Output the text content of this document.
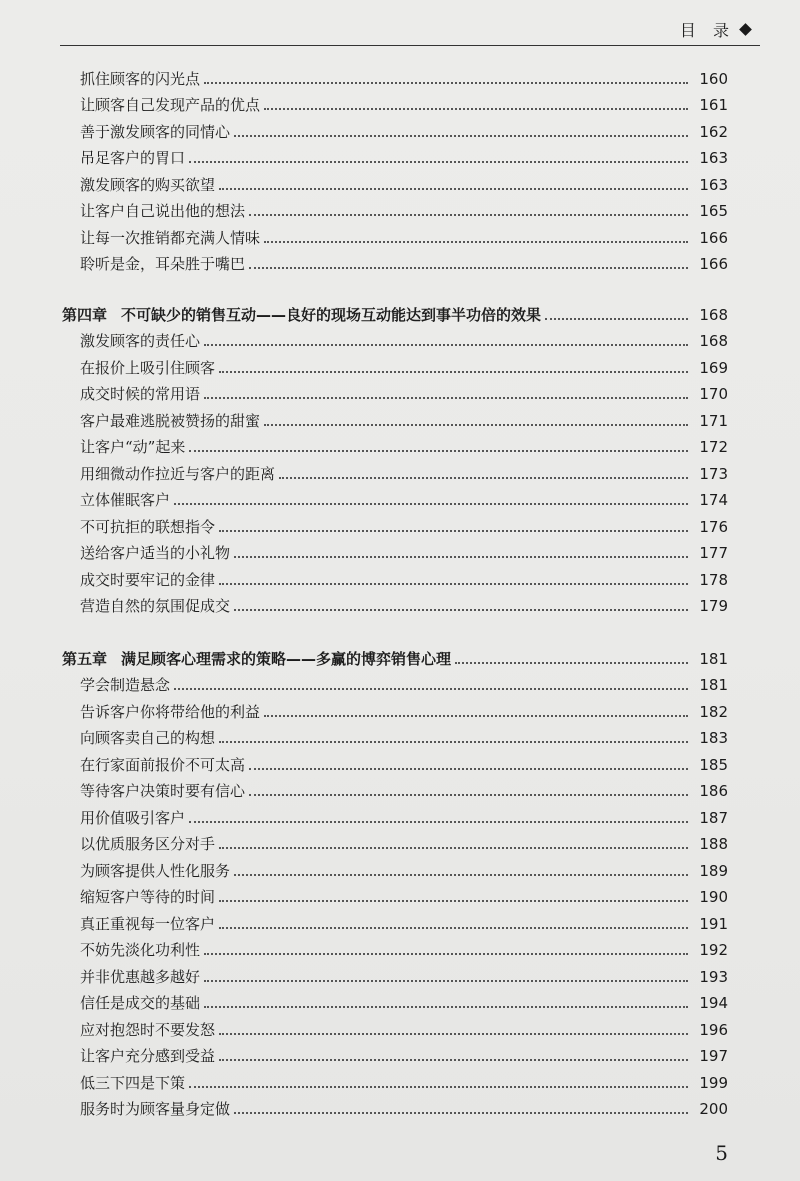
目 录
抓住顾客的闪光点	160
让顾客自己发现产品的优点	161
善于激发顾客的同情心	162
吊足客户的胃口	163
激发顾客的购买欲望	163
让客户自己说出他的想法	165
让每一次推销都充满人情味	166
聆听是金，耳朵胜于嘴巴	166
第四章 不可缺少的销售互动——良好的现场互动能达到事半功倍的效果	168
激发顾客的责任心	168
在报价上吸引住顾客	169
成交时候的常用语	170
客户最难逃脱被赞扬的甜蜜	171
让客户“动”起来	172
用细微动作拉近与客户的距离	173
立体催眠客户	174
不可抗拒的联想指令	176
送给客户适当的小礼物	177
成交时要牢记的金律	178
营造自然的氛围促成交	179
第五章 满足顾客心理需求的策略——多赢的博弈销售心理	181
学会制造悬念	181
告诉客户你将带给他的利益	182
向顾客卖自己的构想	183
在行家面前报价不可太高	185
等待客户决策时要有信心	186
用价值吸引客户	187
以优质服务区分对手	188
为顾客提供人性化服务	189
缩短客户等待的时间	190
真正重视每一位客户	191
不妨先淡化功利性	192
并非优惠越多越好	193
信任是成交的基础	194
应对抱怨时不要发怒	196
让客户充分感到受益	197
低三下四是下策	199
服务时为顾客量身定做	200
5
